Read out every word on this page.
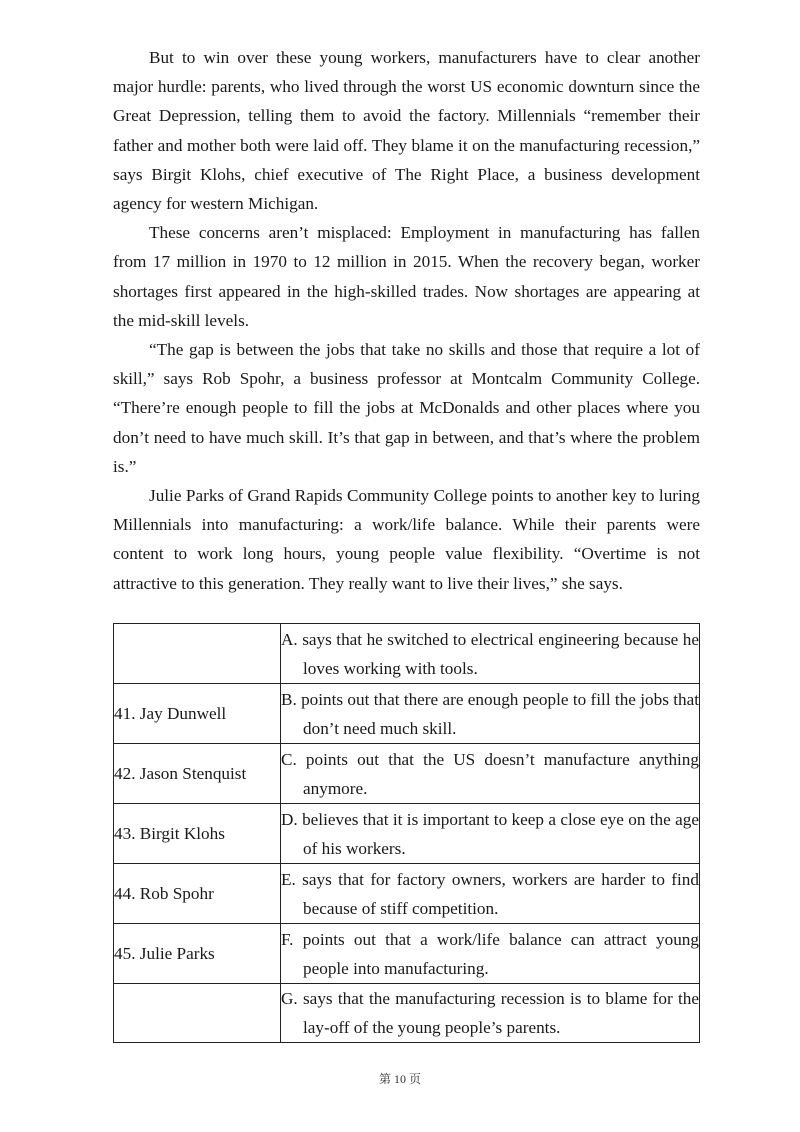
But to win over these young workers, manufacturers have to clear another major hurdle: parents, who lived through the worst US economic downturn since the Great Depression, telling them to avoid the factory. Millennials “remember their father and mother both were laid off. They blame it on the manufacturing recession,” says Birgit Klohs, chief executive of The Right Place, a business development agency for western Michigan.

These concerns aren’t misplaced: Employment in manufacturing has fallen from 17 million in 1970 to 12 million in 2015. When the recovery began, worker shortages first appeared in the high-skilled trades. Now shortages are appearing at the mid-skill levels.

“The gap is between the jobs that take no skills and those that require a lot of skill,” says Rob Spohr, a business professor at Montcalm Community College. “There’re enough people to fill the jobs at McDonalds and other places where you don’t need to have much skill. It’s that gap in between, and that’s where the problem is.”

Julie Parks of Grand Rapids Community College points to another key to luring Millennials into manufacturing: a work/life balance. While their parents were content to work long hours, young people value flexibility. “Overtime is not attractive to this generation. They really want to live their lives,” she says.

	A. says that he switched to electrical engineering because he loves working with tools.

41. Jay Dunwell	B. points out that there are enough people to fill the jobs that don’t need much skill.

42. Jason Stenquist	C. points out that the US doesn’t manufacture anything anymore.

43. Birgit Klohs	D. believes that it is important to keep a close eye on the age of his workers.

44. Rob Spohr	E. says that for factory owners, workers are harder to find because of stiff competition.

45. Julie Parks	F. points out that a work/life balance can attract young people into manufacturing.

	G. says that the manufacturing recession is to blame for the lay-off of the young people’s parents.
第 10 页
